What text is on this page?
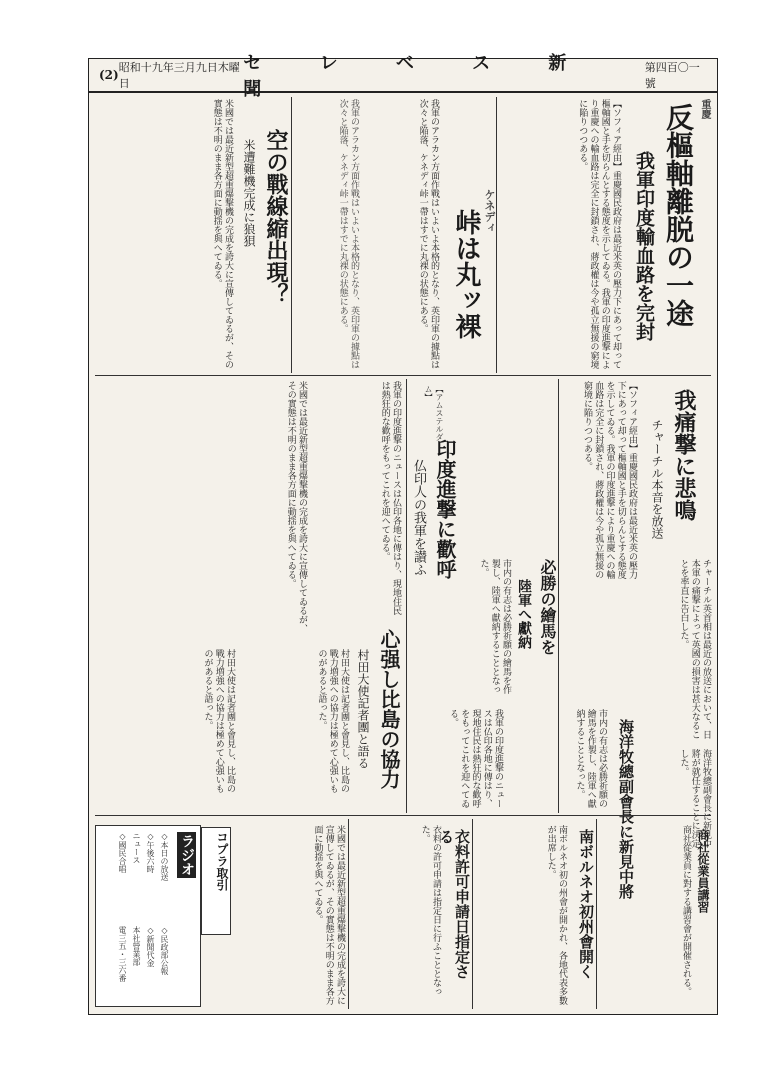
(2)
昭和十九年三月九日木曜日
セ レ ベ ス 新 聞
第四百〇一號
重慶
反樞軸離脱の一途
我軍印度輸血路を完封
【ソフィア經由】重慶國民政府は最近米英の壓力下にあって却って樞軸國と手を切らんとする態度を示してゐる。我軍の印度進撃により重慶への輸血路は完全に封鎖され、蔣政權は今や孤立無援の窮境に陥りつつある。
ケネディ
峠は丸ッ裸
我軍のアラカン方面作戰はいよいよ本格的となり、英印軍の據點は次々と陥落、ケネディ峠一帶はすでに丸裸の状態にある。
空の戰線縮出現？
米遭難機完成に狼狽
米國では最近新型超重爆撃機の完成を誇大に宣傳してゐるが、その實態は不明のまま各方面に動揺を與へてゐる。	我軍のアラカン方面作戰はいよいよ本格的となり、英印軍の據點は次々と陥落、ケネディ峠一帶はすでに丸裸の状態にある。
我痛撃に悲鳴
チャーチル本音を放送
チャーチル英首相は最近の放送において、日本軍の痛撃によって英國の損害は甚大なることを率直に告白した。
【ソフィア經由】重慶國民政府は最近米英の壓力下にあって却って樞軸國と手を切らんとする態度を示してゐる。我軍の印度進撃により重慶への輸血路は完全に封鎖され、蔣政權は今や孤立無援の窮境に陥りつつある。
必勝の繪馬を
陸軍へ獻納
市内の有志は必勝祈願の繪馬を作製し、陸軍へ獻納することとなった。
印度進撃に歡呼
仏印人の我軍を讃ふ
【アムステルダム】
我軍の印度進撃のニュースは仏印各地に傳はり、現地住民は熱狂的な歡呼をもってこれを迎へてゐる。
米國では最近新型超重爆撃機の完成を誇大に宣傳してゐるが、その實態は不明のまま各方面に動揺を與へてゐる。
心强し比島の協力
村田大使記者團と語る
村田大使は記者團と會見し、比島の戰力増強への協力は極めて心强いものがあると語った。
村田大使は記者團と會見し、比島の戰力増強への協力は極めて心强いものがあると語った。
海洋牧總副會長に新見中將	海洋牧總副會長に新見中將が就任することに決定した。
市内の有志は必勝祈願の繪馬を作製し、陸軍へ獻納することとなった。
我軍の印度進撃のニュースは仏印各地に傳はり、現地住民は熱狂的な歡呼をもってこれを迎へてゐる。
商社從業員講習
商社從業員に對する講習會が開催される。
南ボルネオ初州會開く
南ボルネオ初の州會が開かれ、各地代表多數が出席した。
衣料許可申請日指定さる
衣料の許可申請は指定日に行ふこととなった。
米國では最近新型超重爆撃機の完成を誇大に宣傳してゐるが、その實態は不明のまま各方面に動揺を與へてゐる。
コプラ取引
ラジオ
◇本日の放送
◇午後六時
ニュース
◇國民合唱
◇民政部公報
◇新聞代金
本社營業部
電三五・三六番
